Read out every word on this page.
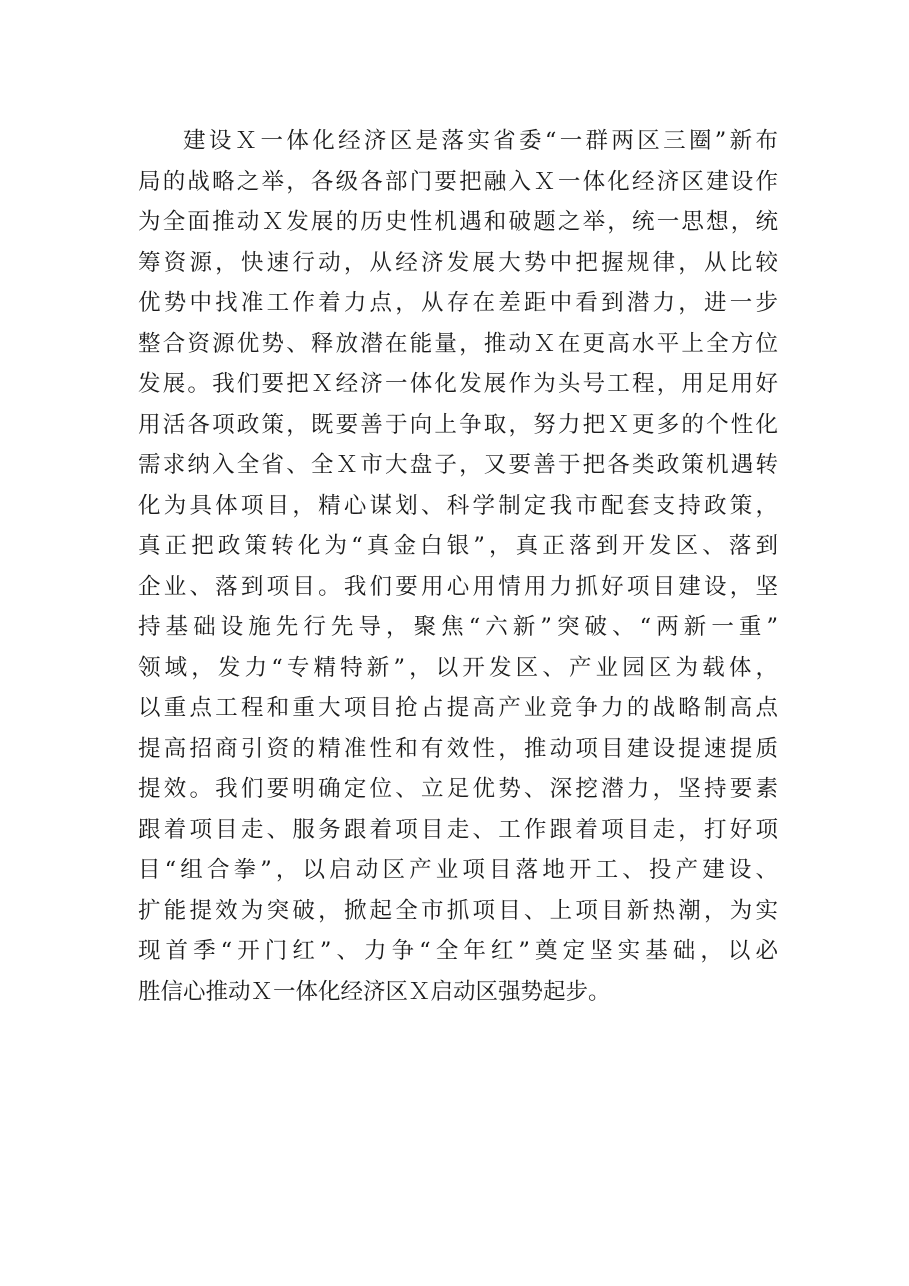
建设Ｘ一体化经济区是落实省委“一群两区三圈”新布
局的战略之举，各级各部门要把融入Ｘ一体化经济区建设作
为全面推动Ｘ发展的历史性机遇和破题之举，统一思想，统
筹资源，快速行动，从经济发展大势中把握规律，从比较
优势中找准工作着力点，从存在差距中看到潜力，进一步
整合资源优势、释放潜在能量，推动Ｘ在更高水平上全方位
发展。我们要把Ｘ经济一体化发展作为头号工程，用足用好
用活各项政策，既要善于向上争取，努力把Ｘ更多的个性化
需求纳入全省、全Ｘ市大盘子，又要善于把各类政策机遇转
化为具体项目，精心谋划、科学制定我市配套支持政策，
真正把政策转化为“真金白银”，真正落到开发区、落到
企业、落到项目。我们要用心用情用力抓好项目建设，坚
持基础设施先行先导，聚焦“六新”突破、“两新一重”
领域，发力“专精特新”，以开发区、产业园区为载体，
以重点工程和重大项目抢占提高产业竞争力的战略制高点
提高招商引资的精准性和有效性，推动项目建设提速提质
提效。我们要明确定位、立足优势、深挖潜力，坚持要素
跟着项目走、服务跟着项目走、工作跟着项目走，打好项
目“组合拳”，以启动区产业项目落地开工、投产建设、
扩能提效为突破，掀起全市抓项目、上项目新热潮，为实
现首季“开门红”、力争“全年红”奠定坚实基础，以必
胜信心推动Ｘ一体化经济区Ｘ启动区强势起步。
